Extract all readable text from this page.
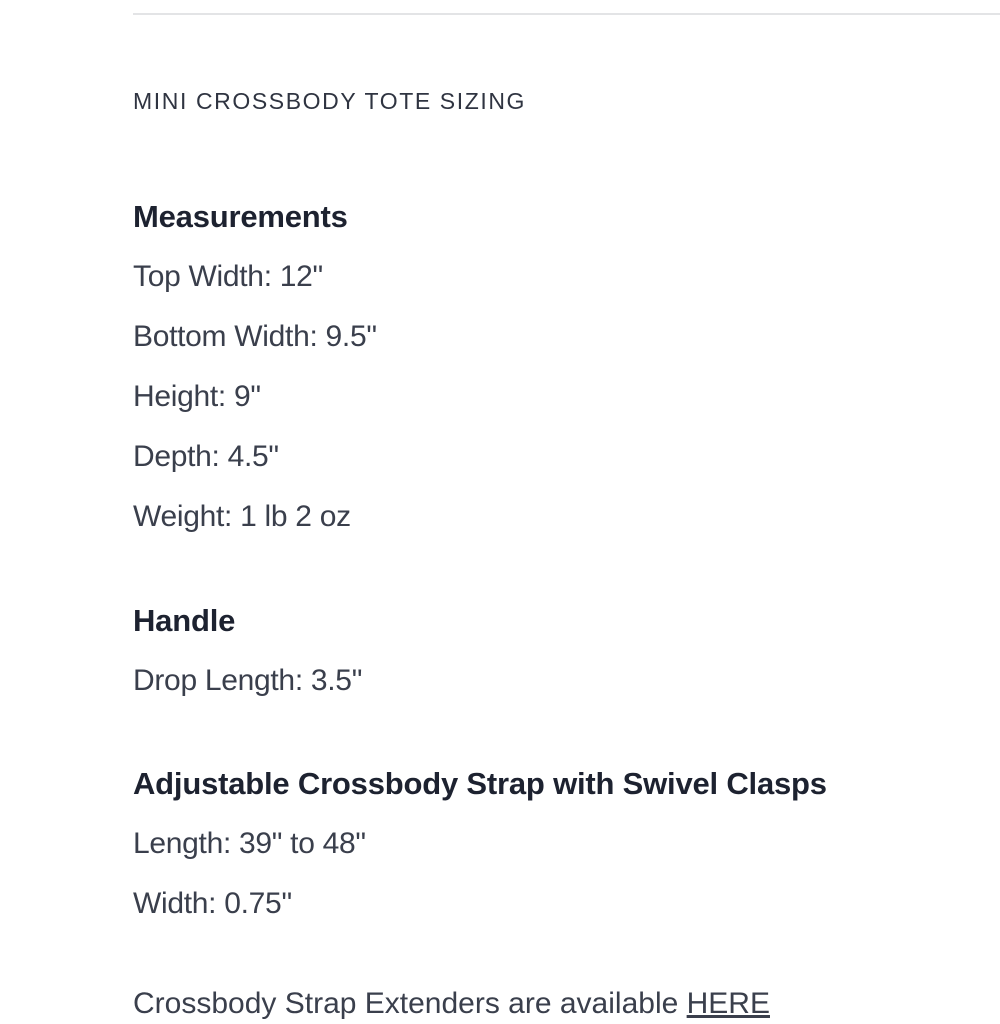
MINI CROSSBODY TOTE SIZING
Measurements
Top Width: 12"
Bottom Width: 9.5"
Height: 9"
Depth: 4.5"
Weight: 1 lb 2 oz
Handle
Drop Length: 3.5"
Adjustable Crossbody Strap with Swivel Clasps
Length: 39" to 48"
Width: 0.75"
Crossbody Strap Extenders are available HERE
